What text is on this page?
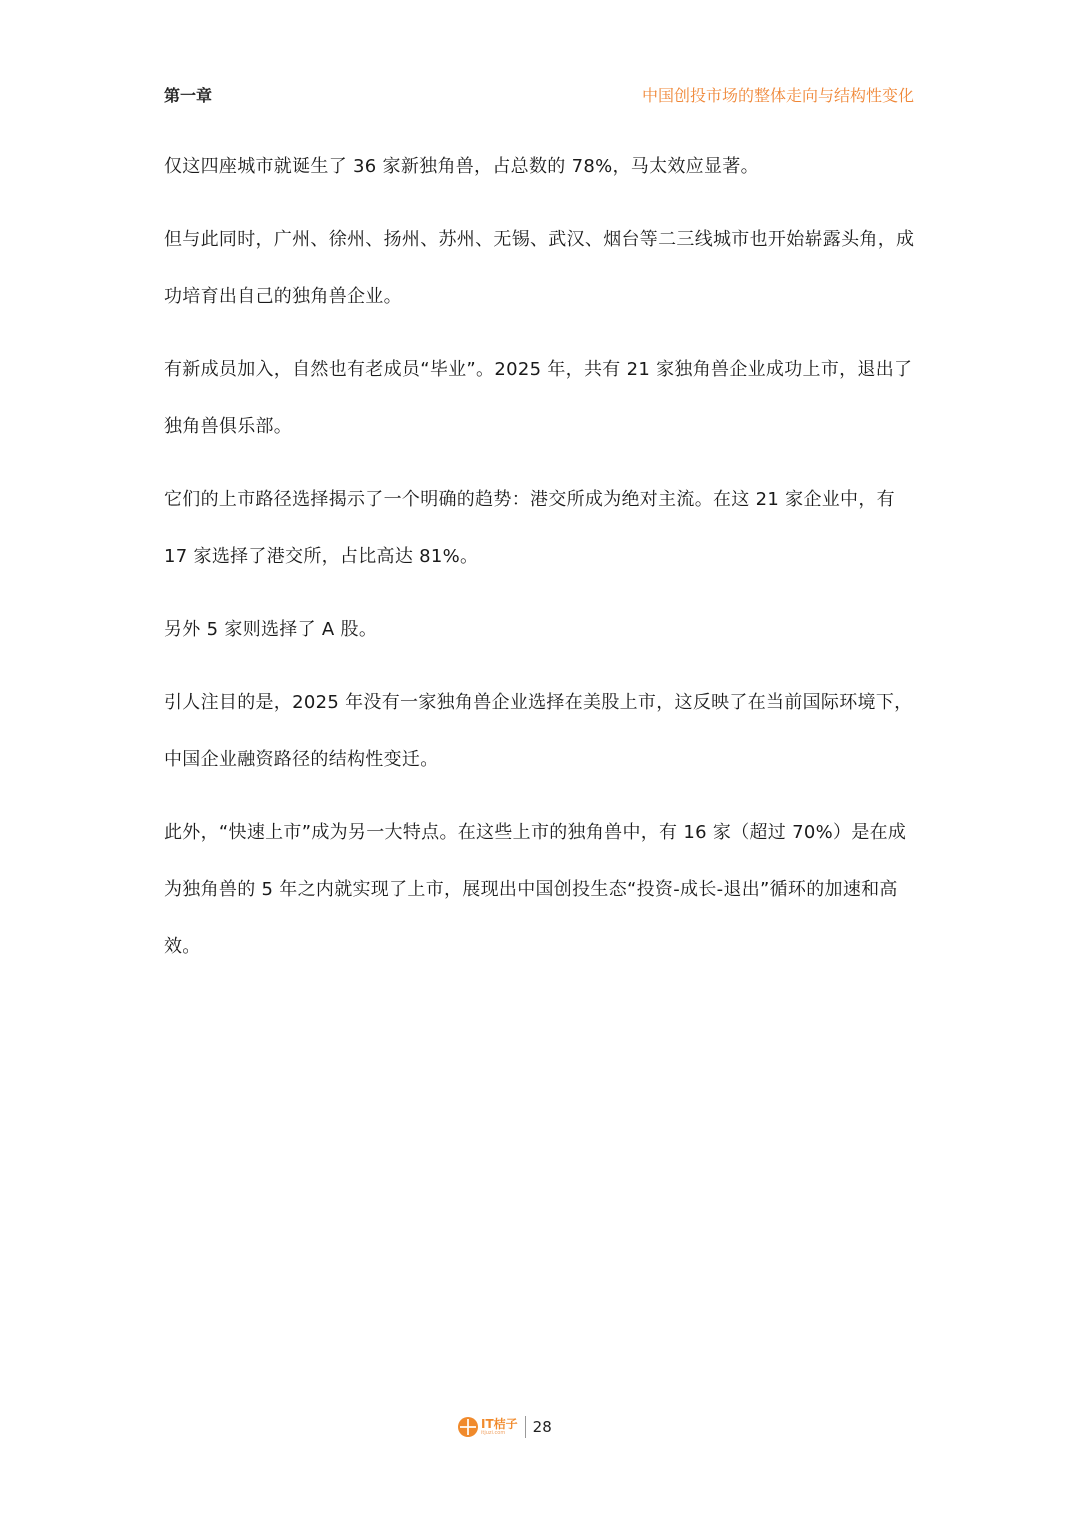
第一章	中国创投市场的整体走向与结构性变化

仅这四座城市就诞生了 36 家新独角兽，占总数的 78%，马太效应显著。

但与此同时，广州、徐州、扬州、苏州、无锡、武汉、烟台等二三线城市也开始崭露头角，成功培育出自己的独角兽企业。

有新成员加入，自然也有老成员“毕业”。2025 年，共有 21 家独角兽企业成功上市，退出了独角兽俱乐部。

它们的上市路径选择揭示了一个明确的趋势：港交所成为绝对主流。在这 21 家企业中，有 17 家选择了港交所，占比高达 81%。

另外 5 家则选择了 A 股。

引人注目的是，2025 年没有一家独角兽企业选择在美股上市，这反映了在当前国际环境下，中国企业融资路径的结构性变迁。

此外，“快速上市”成为另一大特点。在这些上市的独角兽中，有 16 家（超过 70%）是在成为独角兽的 5 年之内就实现了上市，展现出中国创投生态“投资-成长-退出”循环的加速和高效。

IT桔子
itjuzi.com	28
